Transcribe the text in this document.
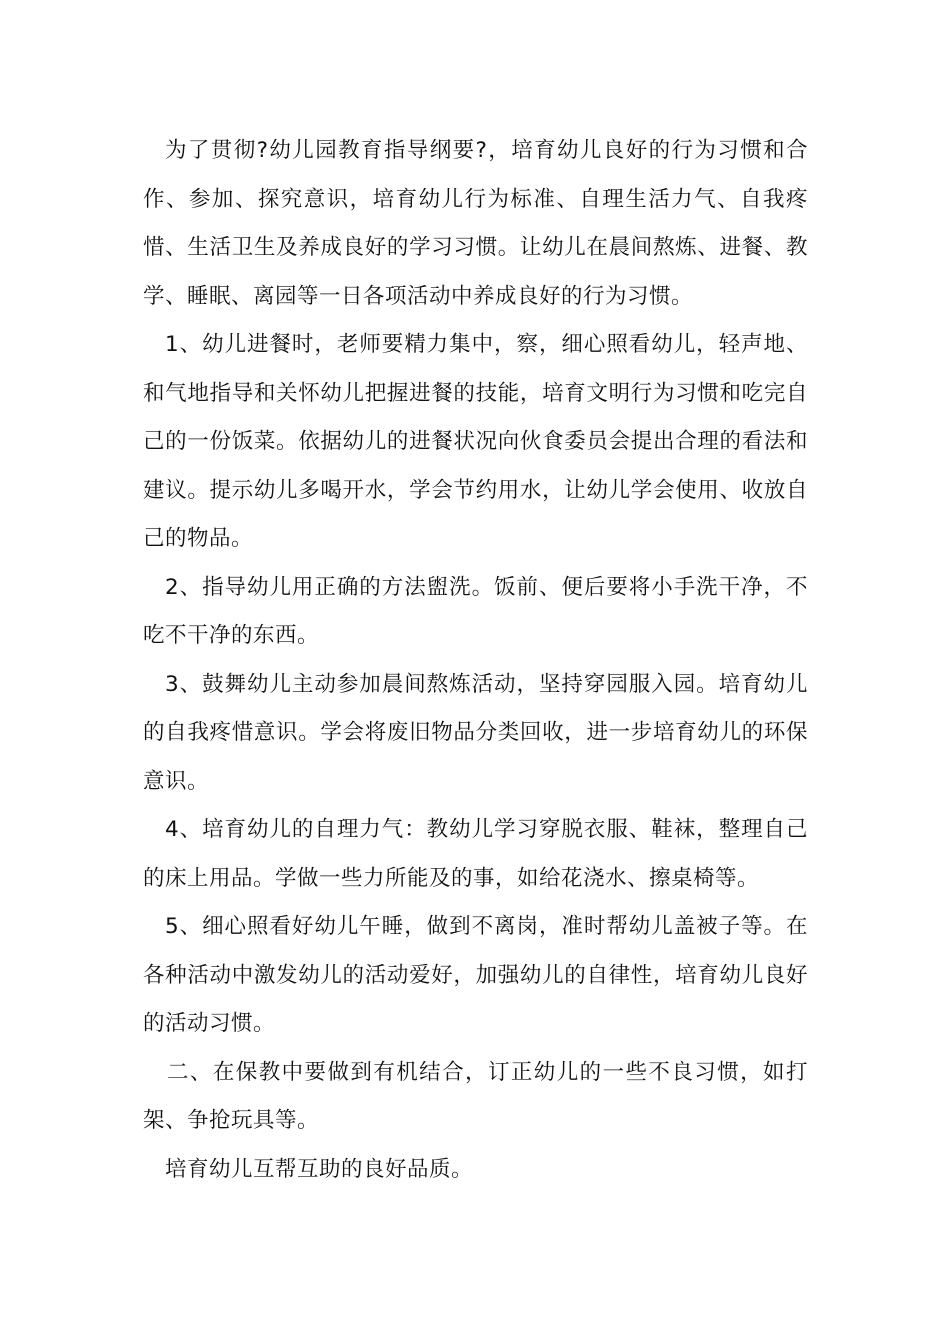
为了贯彻?幼儿园教育指导纲要?，培育幼儿良好的行为习惯和合作、参加、探究意识，培育幼儿行为标准、自理生活力气、自我疼惜、生活卫生及养成良好的学习习惯。让幼儿在晨间熬炼、进餐、教学、睡眠、离园等一日各项活动中养成良好的行为习惯。

1、幼儿进餐时，老师要精力集中，察，细心照看幼儿，轻声地、和气地指导和关怀幼儿把握进餐的技能，培育文明行为习惯和吃完自己的一份饭菜。依据幼儿的进餐状况向伙食委员会提出合理的看法和建议。提示幼儿多喝开水，学会节约用水，让幼儿学会使用、收放自己的物品。

2、指导幼儿用正确的方法盥洗。饭前、便后要将小手洗干净，不吃不干净的东西。

3、鼓舞幼儿主动参加晨间熬炼活动，坚持穿园服入园。培育幼儿的自我疼惜意识。学会将废旧物品分类回收，进一步培育幼儿的环保意识。

4、培育幼儿的自理力气：教幼儿学习穿脱衣服、鞋袜，整理自己的床上用品。学做一些力所能及的事，如给花浇水、擦桌椅等。

5、细心照看好幼儿午睡，做到不离岗，准时帮幼儿盖被子等。在各种活动中激发幼儿的活动爱好，加强幼儿的自律性，培育幼儿良好的活动习惯。

二、在保教中要做到有机结合，订正幼儿的一些不良习惯，如打架、争抢玩具等。

培育幼儿互帮互助的良好品质。
